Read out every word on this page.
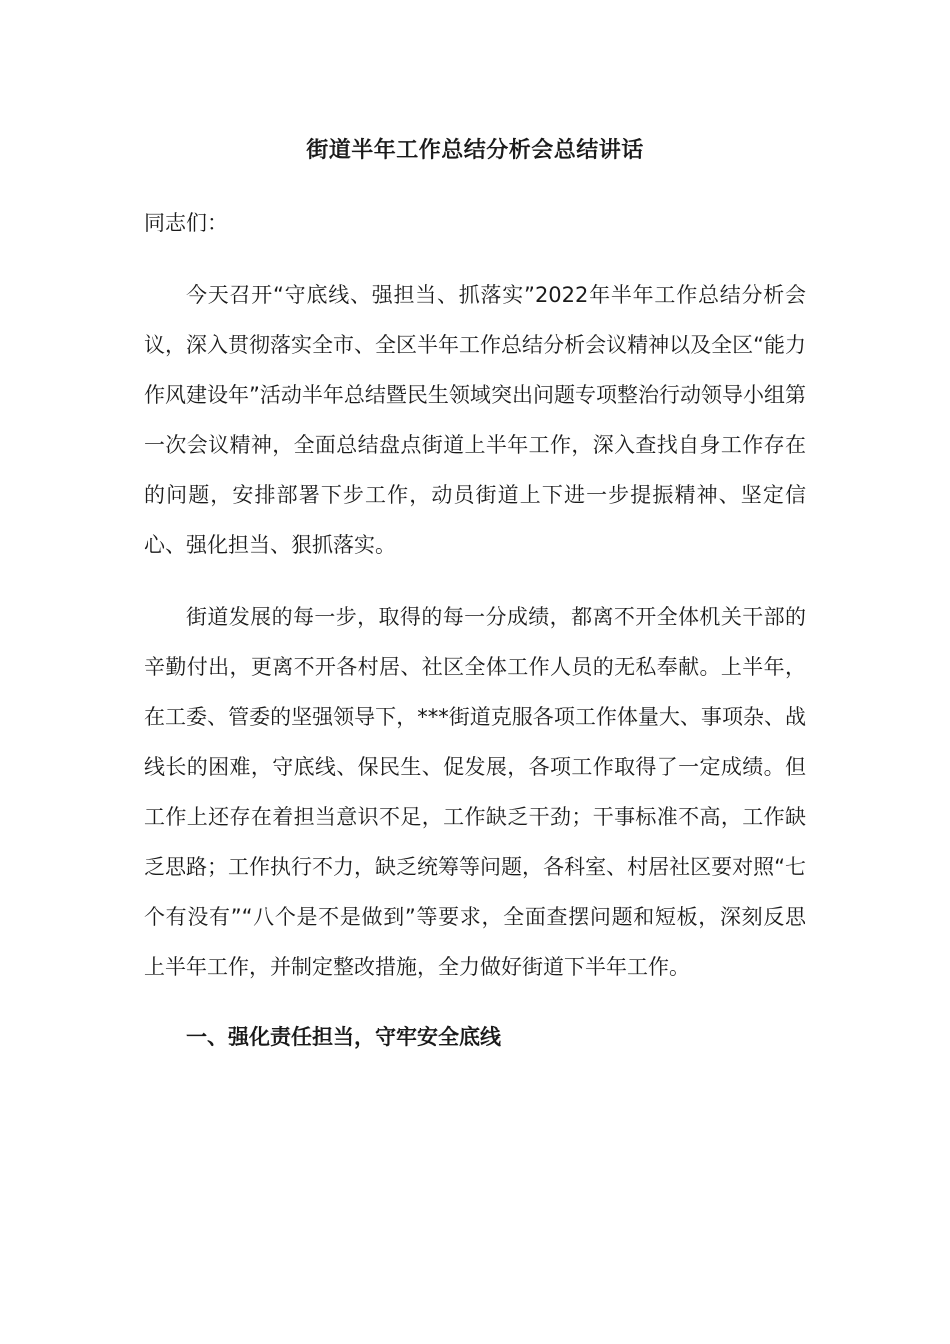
街道半年工作总结分析会总结讲话

同志们：

今天召开“守底线、强担当、抓落实”2022年半年工作总结分析会议，深入贯彻落实全市、全区半年工作总结分析会议精神以及全区“能力作风建设年”活动半年总结暨民生领域突出问题专项整治行动领导小组第一次会议精神，全面总结盘点街道上半年工作，深入查找自身工作存在的问题，安排部署下步工作，动员街道上下进一步提振精神、坚定信心、强化担当、狠抓落实。

街道发展的每一步，取得的每一分成绩，都离不开全体机关干部的辛勤付出，更离不开各村居、社区全体工作人员的无私奉献。上半年，在工委、管委的坚强领导下，***街道克服各项工作体量大、事项杂、战线长的困难，守底线、保民生、促发展，各项工作取得了一定成绩。但工作上还存在着担当意识不足，工作缺乏干劲；干事标准不高，工作缺乏思路；工作执行不力，缺乏统筹等问题，各科室、村居社区要对照“七个有没有”“八个是不是做到”等要求，全面查摆问题和短板，深刻反思上半年工作，并制定整改措施，全力做好街道下半年工作。

一、强化责任担当，守牢安全底线
